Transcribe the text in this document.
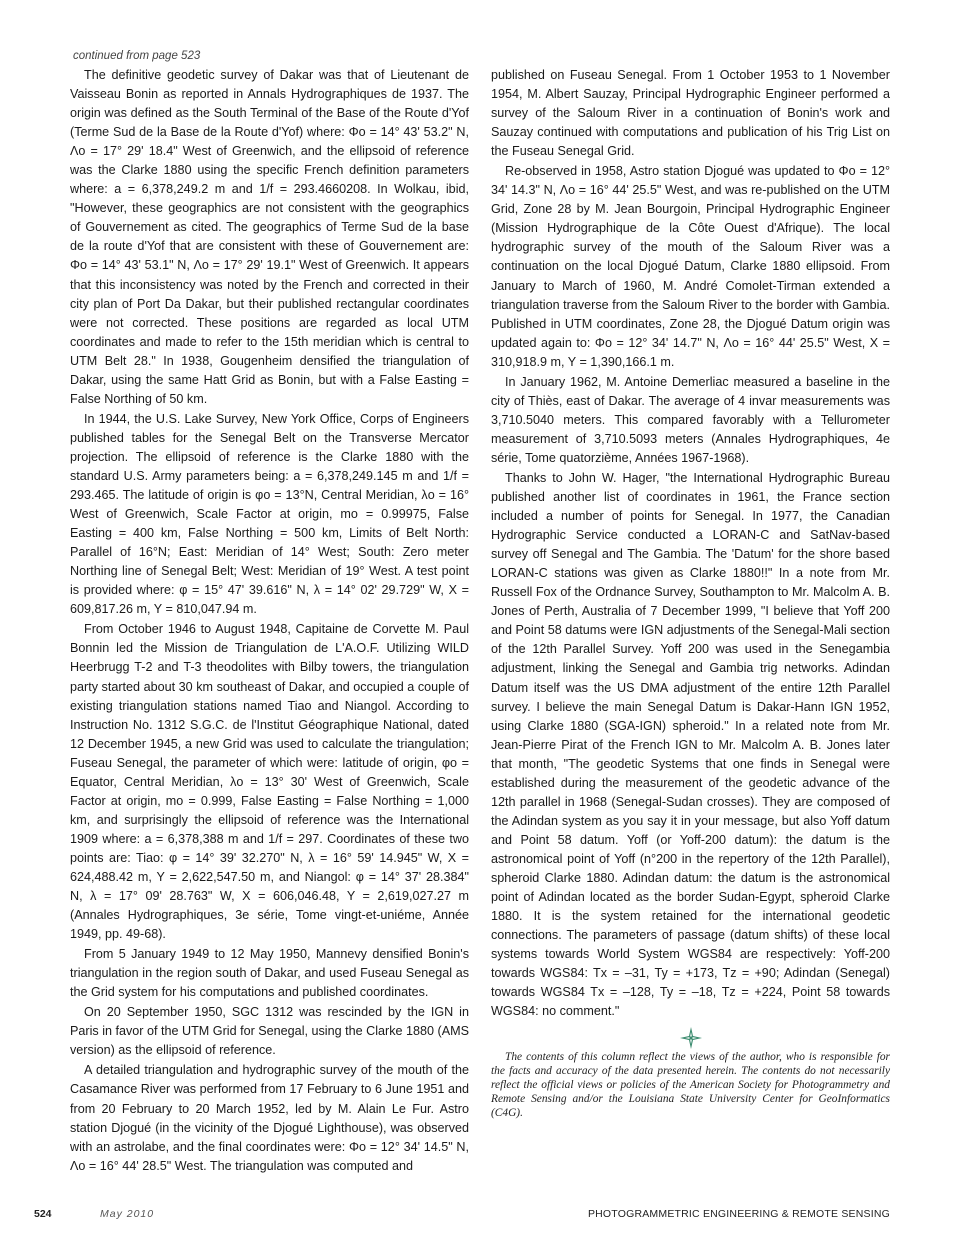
continued from page 523

The definitive geodetic survey of Dakar was that of Lieutenant de Vaisseau Bonin as reported in Annals Hydrographiques de 1937. The origin was defined as the South Terminal of the Base of the Route d'Yof (Terme Sud de la Base de la Route d'Yof) where: Φo = 14° 43' 53.2" N, Λo = 17° 29' 18.4" West of Greenwich, and the ellipsoid of reference was the Clarke 1880 using the specific French definition parameters where: a = 6,378,249.2 m and 1/f = 293.4660208. In Wolkau, ibid, "However, these geographics are not consistent with the geographics of Gouvernement as cited. The geographics of Terme Sud de la base de la route d'Yof that are consistent with these of Gouvernement are: Φo = 14° 43' 53.1" N, Λo = 17° 29' 19.1" West of Greenwich. It appears that this inconsistency was noted by the French and corrected in their city plan of Port Da Dakar, but their published rectangular coordinates were not corrected. These positions are regarded as local UTM coordinates and made to refer to the 15th meridian which is central to UTM Belt 28." In 1938, Gougenheim densified the triangulation of Dakar, using the same Hatt Grid as Bonin, but with a False Easting = False Northing of 50 km.

In 1944, the U.S. Lake Survey, New York Office, Corps of Engineers published tables for the Senegal Belt on the Transverse Mercator projection. The ellipsoid of reference is the Clarke 1880 with the standard U.S. Army parameters being: a = 6,378,249.145 m and 1/f = 293.465. The latitude of origin is φo = 13°N, Central Meridian, λo = 16° West of Greenwich, Scale Factor at origin, mo = 0.99975, False Easting = 400 km, False Northing = 500 km, Limits of Belt North: Parallel of 16°N; East: Meridian of 14° West; South: Zero meter Northing line of Senegal Belt; West: Meridian of 19° West. A test point is provided where: φ = 15° 47' 39.616" N, λ = 14° 02' 29.729" W, X = 609,817.26 m, Y = 810,047.94 m.

From October 1946 to August 1948, Capitaine de Corvette M. Paul Bonnin led the Mission de Triangulation de L'A.O.F. Utilizing WILD Heerbrugg T-2 and T-3 theodolites with Bilby towers, the triangulation party started about 30 km southeast of Dakar, and occupied a couple of existing triangulation stations named Tiao and Niangol. According to Instruction No. 1312 S.G.C. de l'Institut Géographique National, dated 12 December 1945, a new Grid was used to calculate the triangulation; Fuseau Senegal, the parameter of which were: latitude of origin, φo = Equator, Central Meridian, λo = 13° 30' West of Greenwich, Scale Factor at origin, mo = 0.999, False Easting = False Northing = 1,000 km, and surprisingly the ellipsoid of reference was the International 1909 where: a = 6,378,388 m and 1/f = 297. Coordinates of these two points are: Tiao: φ = 14° 39' 32.270" N, λ = 16° 59' 14.945" W, X = 624,488.42 m, Y = 2,622,547.50 m, and Niangol: φ = 14° 37' 28.384" N, λ = 17° 09' 28.763" W, X = 606,046.48, Y = 2,619,027.27 m (Annales Hydrographiques, 3e série, Tome vingt-et-uniéme, Année 1949, pp. 49-68).

From 5 January 1949 to 12 May 1950, Mannevy densified Bonin's triangulation in the region south of Dakar, and used Fuseau Senegal as the Grid system for his computations and published coordinates.

On 20 September 1950, SGC 1312 was rescinded by the IGN in Paris in favor of the UTM Grid for Senegal, using the Clarke 1880 (AMS version) as the ellipsoid of reference.

A detailed triangulation and hydrographic survey of the mouth of the Casamance River was performed from 17 February to 6 June 1951 and from 20 February to 20 March 1952, led by M. Alain Le Fur. Astro station Djogué (in the vicinity of the Djogué Lighthouse), was observed with an astrolabe, and the final coordinates were: Φo = 12° 34' 14.5" N, Λo = 16° 44' 28.5" West. The triangulation was computed and

published on Fuseau Senegal. From 1 October 1953 to 1 November 1954, M. Albert Sauzay, Principal Hydrographic Engineer performed a survey of the Saloum River in a continuation of Bonin's work and Sauzay continued with computations and publication of his Trig List on the Fuseau Senegal Grid.

Re-observed in 1958, Astro station Djogué was updated to Φo = 12° 34' 14.3" N, Λo = 16° 44' 25.5" West, and was re-published on the UTM Grid, Zone 28 by M. Jean Bourgoin, Principal Hydrographic Engineer (Mission Hydrographique de la Côte Ouest d'Afrique). The local hydrographic survey of the mouth of the Saloum River was a continuation on the local Djogué Datum, Clarke 1880 ellipsoid. From January to March of 1960, M. André Comolet-Tirman extended a triangulation traverse from the Saloum River to the border with Gambia. Published in UTM coordinates, Zone 28, the Djogué Datum origin was updated again to: Φo = 12° 34' 14.7" N, Λo = 16° 44' 25.5" West, X = 310,918.9 m, Y = 1,390,166.1 m.

In January 1962, M. Antoine Demerliac measured a baseline in the city of Thiès, east of Dakar. The average of 4 invar measurements was 3,710.5040 meters. This compared favorably with a Tellurometer measurement of 3,710.5093 meters (Annales Hydrographiques, 4e série, Tome quatorzième, Années 1967-1968).

Thanks to John W. Hager, "the International Hydrographic Bureau published another list of coordinates in 1961, the France section included a number of points for Senegal. In 1977, the Canadian Hydrographic Service conducted a LORAN-C and SatNav-based survey off Senegal and The Gambia. The 'Datum' for the shore based LORAN-C stations was given as Clarke 1880!!" In a note from Mr. Russell Fox of the Ordnance Survey, Southampton to Mr. Malcolm A. B. Jones of Perth, Australia of 7 December 1999, "I believe that Yoff 200 and Point 58 datums were IGN adjustments of the Senegal-Mali section of the 12th Parallel Survey. Yoff 200 was used in the Senegambia adjustment, linking the Senegal and Gambia trig networks. Adindan Datum itself was the US DMA adjustment of the entire 12th Parallel survey. I believe the main Senegal Datum is Dakar-Hann IGN 1952, using Clarke 1880 (SGA-IGN) spheroid." In a related note from Mr. Jean-Pierre Pirat of the French IGN to Mr. Malcolm A. B. Jones later that month, "The geodetic Systems that one finds in Senegal were established during the measurement of the geodetic advance of the 12th parallel in 1968 (Senegal-Sudan crosses). They are composed of the Adindan system as you say it in your message, but also Yoff datum and Point 58 datum. Yoff (or Yoff-200 datum): the datum is the astronomical point of Yoff (n°200 in the repertory of the 12th Parallel), spheroid Clarke 1880. Adindan datum: the datum is the astronomical point of Adindan located as the border Sudan-Egypt, spheroid Clarke 1880. It is the system retained for the international geodetic connections. The parameters of passage (datum shifts) of these local systems towards World System WGS84 are respectively: Yoff-200 towards WGS84: Tx = –31, Ty = +173, Tz = +90; Adindan (Senegal) towards WGS84 Tx = –128, Ty = –18, Tz = +224, Point 58 towards WGS84: no comment."

The contents of this column reflect the views of the author, who is responsible for the facts and accuracy of the data presented herein. The contents do not necessarily reflect the official views or policies of the American Society for Photogrammetry and Remote Sensing and/or the Louisiana State University Center for GeoInformatics (C4G).

524	May 2010	PHOTOGRAMMETRIC ENGINEERING & REMOTE SENSING
